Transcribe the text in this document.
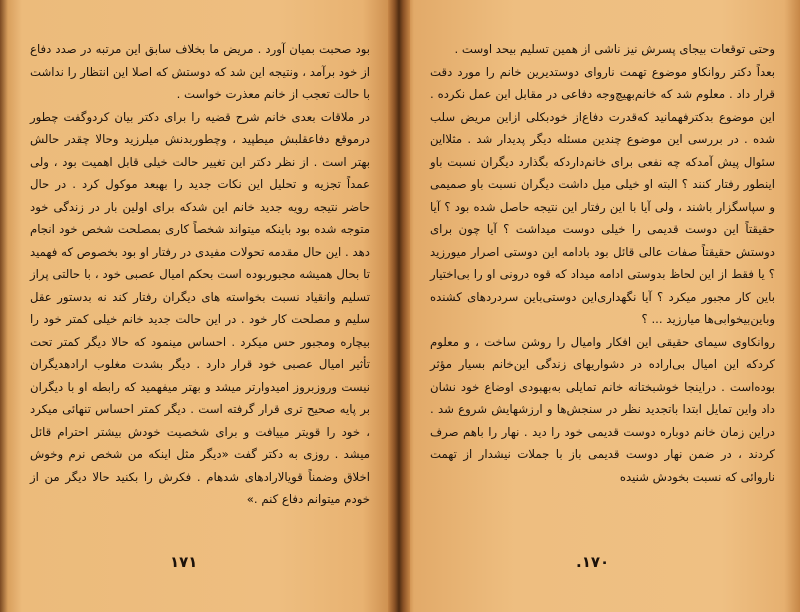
بود صحبت بمیان آورد . مریض ما بخلاف سابق این مرتبه در صدد دفاع از خود برآمد ، ونتیجه این شد که دوستش که اصلا این انتظار را نداشت با حالت تعجب از خانم معذرت خواست .

در ملاقات بعدی خانم شرح قضیه را برای دکتر بیان کردوگفت چطور درموقع دفاعقلبش میطپید ، وچطوربدنش میلرزید وحالا چقدر حالش بهتر است . از نظر دکتر این تغییر حالت خیلی قابل اهمیت بود ، ولی عمداً تجزیه و تحلیل این نکات جدید را بهبعد موکول کرد . در حال حاضر نتیجه رویه جدید خانم این شدکه برای اولین بار در زندگی خود متوجه شده بود باینکه میتواند شخصاً کاری بمصلحت شخص خود انجام دهد . این حال مقدمه تحولات مفیدی در رفتار او بود بخصوص که فهمید تا بحال همیشه مجبوربوده است بحکم امیال عصبی خود ، با حالتی پراز تسلیم وانقیاد نسبت بخواسته های دیگران رفتار کند نه بدستور عقل سلیم و مصلحت کار خود . در این حالت جدید خانم خیلی کمتر خود را بیچاره ومجبور حس میکرد . احساس مینمود که حالا دیگر کمتر تحت تأثیر امیال عصبی خود قرار دارد . دیگر بشدت مغلوب ارادهدیگران نیست وروزبروز امیدوارتر میشد و بهتر میفهمید که رابطه او با دیگران بر پایه صحیح تری قرار گرفته است . دیگر کمتر احساس تنهائی میکرد ، خود را قویتر مییافت و برای شخصیت خودش بیشتر احترام قائل میشد . روزی به دکتر گفت «دیگر مثل اینکه من شخص نرم وخوش اخلاق وضمناً قویالارادهای شدهام . فکرش را بکنید حالا دیگر من از خودم میتوانم دفاع کنم .»

۱۷۱

وحتی توقعات بیجای پسرش نیز ناشی از همین تسلیم بیحد اوست .

بعداً دکتر روانکاو موضوع تهمت ناروای دوستدیرین خانم را مورد دقت قرار داد . معلوم شد که خانم‌بهیچ‌وجه دفاعی در مقابل این عمل نکرده . این موضوع بدکترفهمانید که‌قدرت دفاع‌از خودبکلی ازاین مریض سلب شده . در بررسی این موضوع چندین مسئله دیگر پدیدار شد . مثلااین سئوال پیش آمدکه چه نفعی برای خانم‌داردکه بگذارد دیگران نسبت باو اینطور رفتار کنند ؟ البته او خیلی میل داشت دیگران نسبت باو صمیمی و سپاسگزار باشند ، ولی آیا با این رفتار این نتیجه حاصل شده بود ؟ آیا حقیقتاً این دوست قدیمی را خیلی دوست میداشت ؟ آیا چون برای دوستش حقیقتاً صفات عالی قائل بود بادامه این دوستی اصرار میورزید ؟ یا فقط از این لحاظ بدوستی ادامه میداد که قوه درونی او را بی‌اختیار باین کار مجبور میکرد ؟ آیا نگهداری‌این دوستی‌باین سردردهای کشنده وباین‌بیخوابی‌ها میارزید ... ؟

روانکاوی سیمای حقیقی این افکار وامیال را روشن ساخت ، و معلوم کردکه این امیال بی‌اراده در دشواریهای زندگی این‌خانم بسیار مؤثر بوده‌است . دراینجا خوشبختانه خانم تمایلی به‌بهبودی اوضاع خود نشان داد واین تمایل ابتدا باتجدید نظر در سنجش‌ها و ارزشهایش شروع شد . دراین زمان خانم دوباره دوست قدیمی خود را دید . نهار را باهم صرف کردند ، در ضمن نهار دوست قدیمی باز با جملات نیشدار از تهمت ناروائی که نسبت بخودش شنیده

.۱۷۰
